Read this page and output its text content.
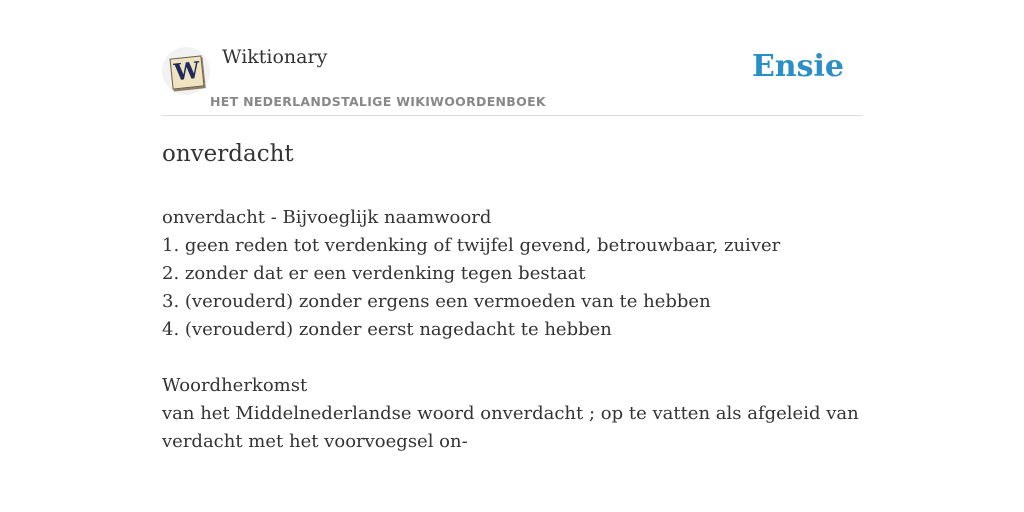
W Wiktionary
HET NEDERLANDSTALIGE WIKIWOORDENBOEK
Ensie
onverdacht
onverdacht - Bijvoeglijk naamwoord
1. geen reden tot verdenking of twijfel gevend, betrouwbaar, zuiver
2. zonder dat er een verdenking tegen bestaat
3. (verouderd) zonder ergens een vermoeden van te hebben
4. (verouderd) zonder eerst nagedacht te hebben
Woordherkomst
van het Middelnederlandse woord onverdacht ; op te vatten als afgeleid van verdacht met het voorvoegsel on-
